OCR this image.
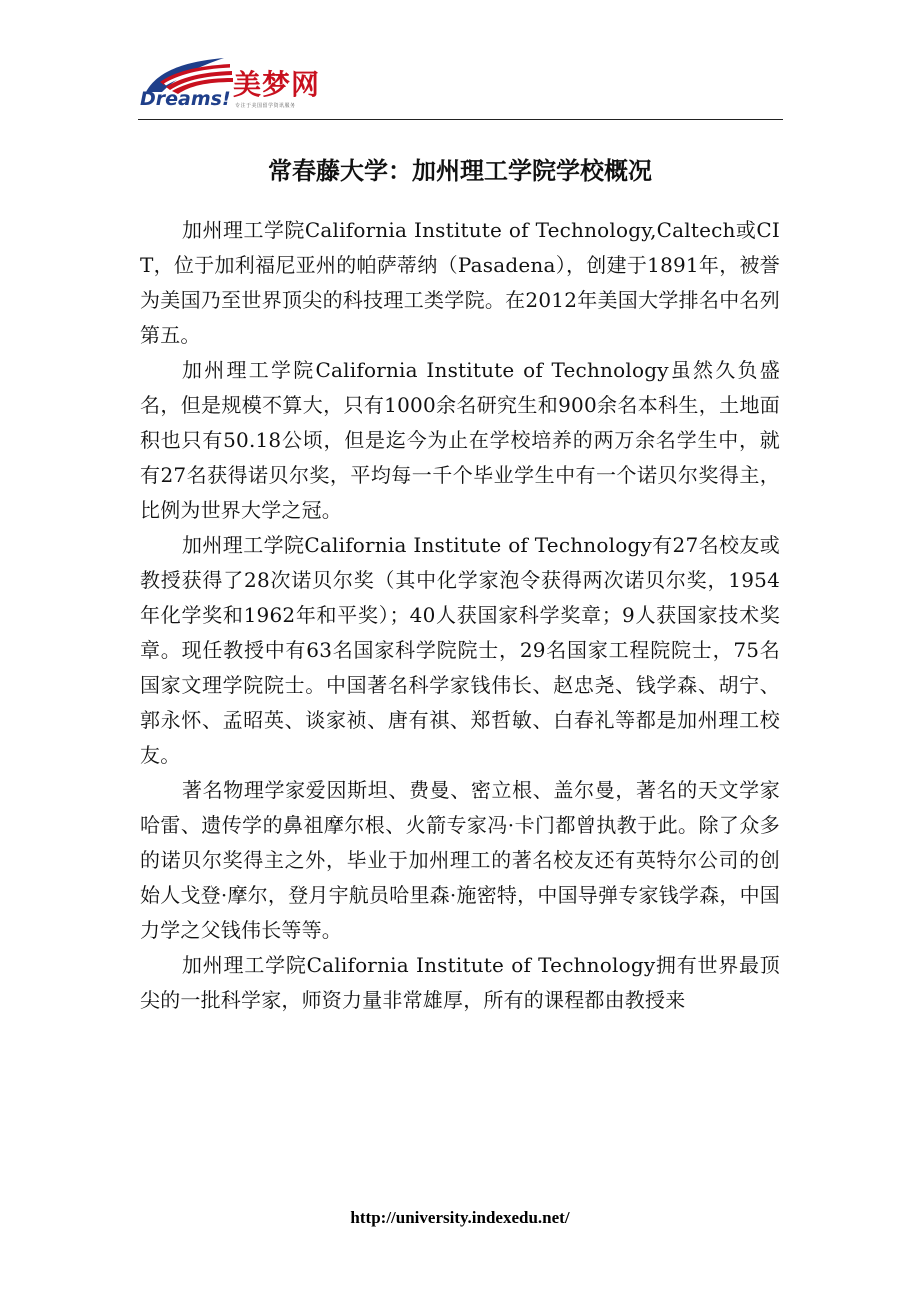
美梦网
Dreams! 专注于美国留学资讯服务
常春藤大学：加州理工学院学校概况

加州理工学院California Institute of Technology,Caltech或CIT，位于加利福尼亚州的帕萨蒂纳（Pasadena），创建于1891年，被誉为美国乃至世界顶尖的科技理工类学院。在2012年美国大学排名中名列第五。

加州理工学院California Institute of Technology虽然久负盛名，但是规模不算大，只有1000余名研究生和900余名本科生，土地面积也只有50.18公顷，但是迄今为止在学校培养的两万余名学生中，就有27名获得诺贝尔奖，平均每一千个毕业学生中有一个诺贝尔奖得主，比例为世界大学之冠。

加州理工学院California Institute of Technology有27名校友或教授获得了28次诺贝尔奖（其中化学家泡令获得两次诺贝尔奖，1954年化学奖和1962年和平奖）；40人获国家科学奖章；9人获国家技术奖章。现任教授中有63名国家科学院院士，29名国家工程院院士，75名国家文理学院院士。中国著名科学家钱伟长、赵忠尧、钱学森、胡宁、郭永怀、孟昭英、谈家祯、唐有祺、郑哲敏、白春礼等都是加州理工校友。

著名物理学家爱因斯坦、费曼、密立根、盖尔曼，著名的天文学家哈雷、遗传学的鼻祖摩尔根、火箭专家冯·卡门都曾执教于此。除了众多的诺贝尔奖得主之外，毕业于加州理工的著名校友还有英特尔公司的创始人戈登·摩尔，登月宇航员哈里森·施密特，中国导弹专家钱学森，中国力学之父钱伟长等等。

加州理工学院California Institute of Technology拥有世界最顶尖的一批科学家，师资力量非常雄厚，所有的课程都由教授来

http://university.indexedu.net/
